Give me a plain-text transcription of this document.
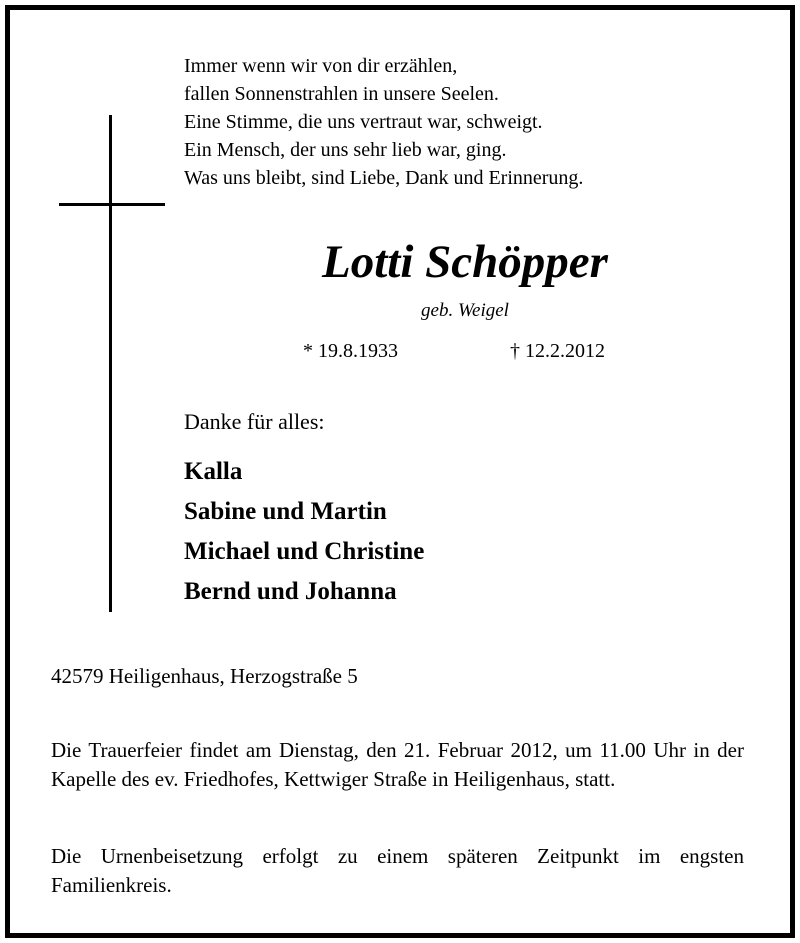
Immer wenn wir von dir erzählen,
fallen Sonnenstrahlen in unsere Seelen.
Eine Stimme, die uns vertraut war, schweigt.
Ein Mensch, der uns sehr lieb war, ging.
Was uns bleibt, sind Liebe, Dank und Erinnerung.
Lotti Schöpper
geb. Weigel
* 19.8.1933	† 12.2.2012
Danke für alles:
Kalla
Sabine und Martin
Michael und Christine
Bernd und Johanna
42579 Heiligenhaus, Herzogstraße 5
Die Trauerfeier findet am Dienstag, den 21. Februar 2012, um 11.00 Uhr in der Kapelle des ev. Friedhofes, Kettwiger Straße in Heiligenhaus, statt.
Die Urnenbeisetzung erfolgt zu einem späteren Zeitpunkt im engsten Familienkreis.
